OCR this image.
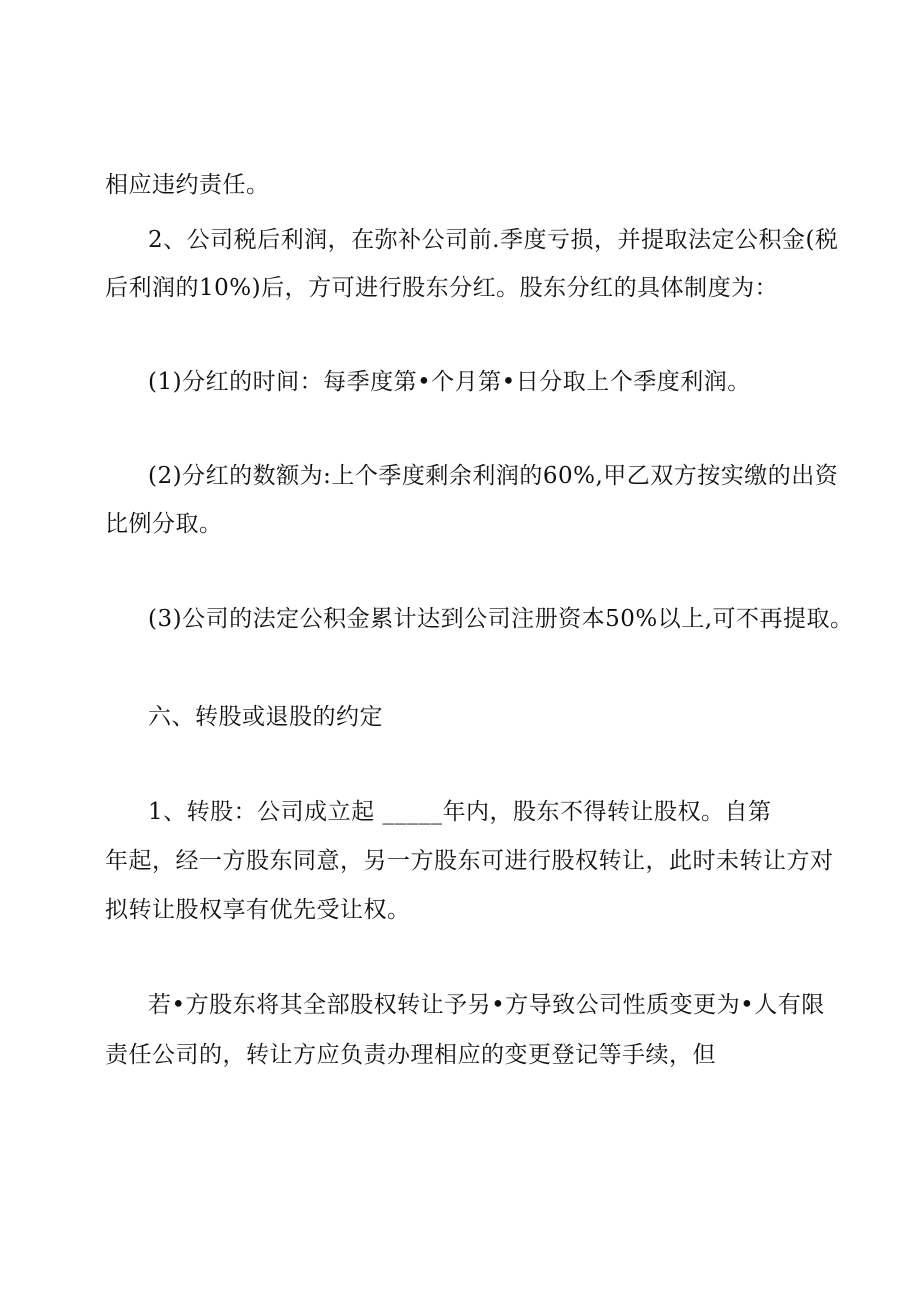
相应违约责任。
2、公司税后利润，在弥补公司前.季度亏损，并提取法定公积金(税
后利润的10%)后，方可进行股东分红。股东分红的具体制度为：
(1)分红的时间：每季度第•个月第•日分取上个季度利润。
(2)分红的数额为:上个季度剩余利润的60%,甲乙双方按实缴的出资
比例分取。
(3)公司的法定公积金累计达到公司注册资本50%以上,可不再提取。
六、转股或退股的约定
1、转股：公司成立起 _____年内，股东不得转让股权。自第
年起，经一方股东同意，另一方股东可进行股权转让，此时未转让方对
拟转让股权享有优先受让权。
若•方股东将其全部股权转让予另•方导致公司性质变更为•人有限
责任公司的，转让方应负责办理相应的变更登记等手续，但
